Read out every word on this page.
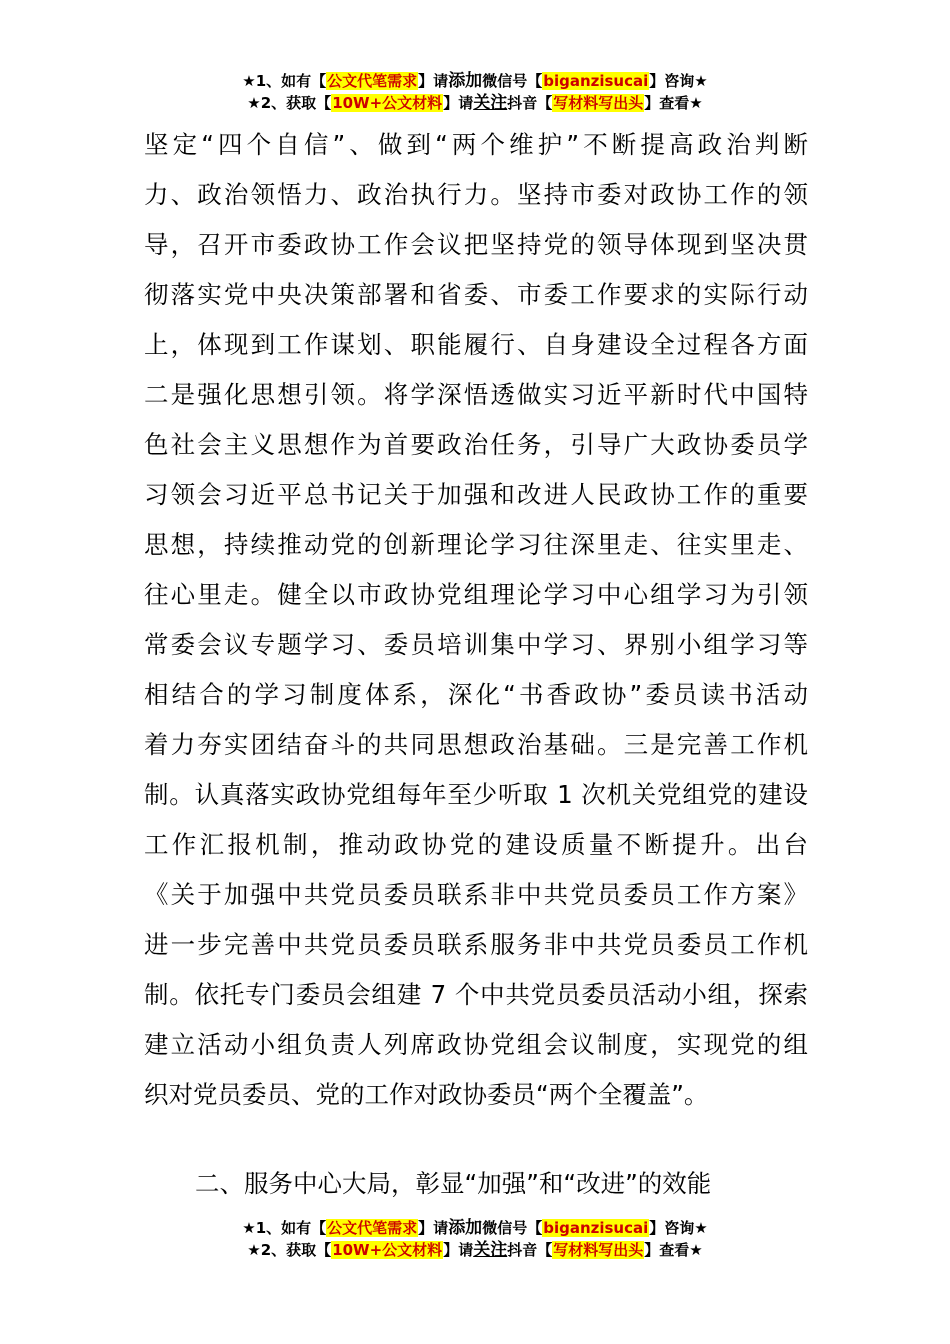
★1、如有【公文代笔需求】请添加微信号【biganzisucai】咨询★
★2、获取【10W+公文材料】请关注抖音【写材料写出头】查看★
坚定“四个自信”、做到“两个维护”不断提高政治判断
力、政治领悟力、政治执行力。坚持市委对政协工作的领
导，召开市委政协工作会议把坚持党的领导体现到坚决贯
彻落实党中央决策部署和省委、市委工作要求的实际行动
上，体现到工作谋划、职能履行、自身建设全过程各方面
二是强化思想引领。将学深悟透做实习近平新时代中国特
色社会主义思想作为首要政治任务，引导广大政协委员学
习领会习近平总书记关于加强和改进人民政协工作的重要
思想，持续推动党的创新理论学习往深里走、往实里走、
往心里走。健全以市政协党组理论学习中心组学习为引领
常委会议专题学习、委员培训集中学习、界别小组学习等
相结合的学习制度体系，深化“书香政协”委员读书活动
着力夯实团结奋斗的共同思想政治基础。三是完善工作机
制。认真落实政协党组每年至少听取 1 次机关党组党的建设
工作汇报机制，推动政协党的建设质量不断提升。出台
《关于加强中共党员委员联系非中共党员委员工作方案》
进一步完善中共党员委员联系服务非中共党员委员工作机
制。依托专门委员会组建 7 个中共党员委员活动小组，探索
建立活动小组负责人列席政协党组会议制度，实现党的组
织对党员委员、党的工作对政协委员“两个全覆盖”。
二、服务中心大局，彰显“加强”和“改进”的效能
★1、如有【公文代笔需求】请添加微信号【biganzisucai】咨询★
★2、获取【10W+公文材料】请关注抖音【写材料写出头】查看★
